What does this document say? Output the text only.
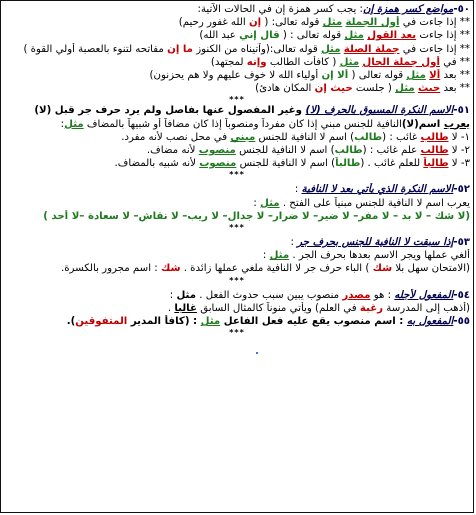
٥٠-مواضع كسر همزة إن: يجب كسر همزة إن في الحالات الآتية:
** إذا جاءت في أول الجملة مثل قوله تعالى: ( إن الله غفور رحيم)
** إذا جاءت بعد القول مثل قوله تعالى : ( قال إني عبد الله)
** إذا جاءت في جملة الصلة مثل قوله تعالى:(وآتيناه من الكنوز ما إن مفاتحه لتنوء بالعصبة أولي القوة )
** في أول جملة الحال مثل ( كافأت الطالب وإنه لمجتهد)
** بعد ألا مثل قوله تعالى ( ألا إن أولياء الله لا خوف عليهم ولا هم يحزنون)
** بعد حيث مثل ( جلست حيث إن المكان هادئ)
***
٥١-الاسم النكرة المسبوق بالحرف (لا) وغير المفصول عنها بفاصل ولم يرد حرف جر قبل (لا)
يعرب اسم(لا)النافية للجنس مبني إذا كان مفرداً ومنصوباً إذا كان مضافاً أو شبيهاً بالمضاف مثل:
١- لا طالب غائب : (طالب) اسم لا النافية للجنس مبني في محل نصب لأنه مفرد.
٢- لا طالب علم غائب : (طالب) اسم لا النافية للجنس منصوب لأنه مضاف.
٣- لا طالباً للعلم غائب . (طالباً) اسم لا النافية للجنس منصوب لأنه شبيه بالمضاف.
***
٥٢-الاسم النكرة الذي يأتي بعد لا النافية :
يعرب اسم لا النافية للجنس مبنياً على الفتح . مثل :
(لا شك – لا بد – لا مفر– لا ضير– لا ضرار– لا جدال– لا ريب– لا نقاش– لا سعادة –لا أحد )
***
٥٣-إذا سبقت لا النافية للجنس بحرف جر :
ألغي عملها ويجر الاسم بعدها بحرف الجر . مثل :
(الامتحان سهل بلا شك ) الباء حرف جر لا النافية ملغي عملها زائدة . شك : اسم مجرور بالكسرة.
***
٥٤-المفعول لأجله : هو مصدر منصوب يبين سبب حدوث الفعل . مثل :
(أذهب إلى المدرسة رغبة في العلم) ويأتي منوناً كالمثال السابق غالبا .
٥٥-المفعول به : اسم منصوب يقع عليه فعل الفاعل مثل : (كافأ المدير المتفوقين).
***
